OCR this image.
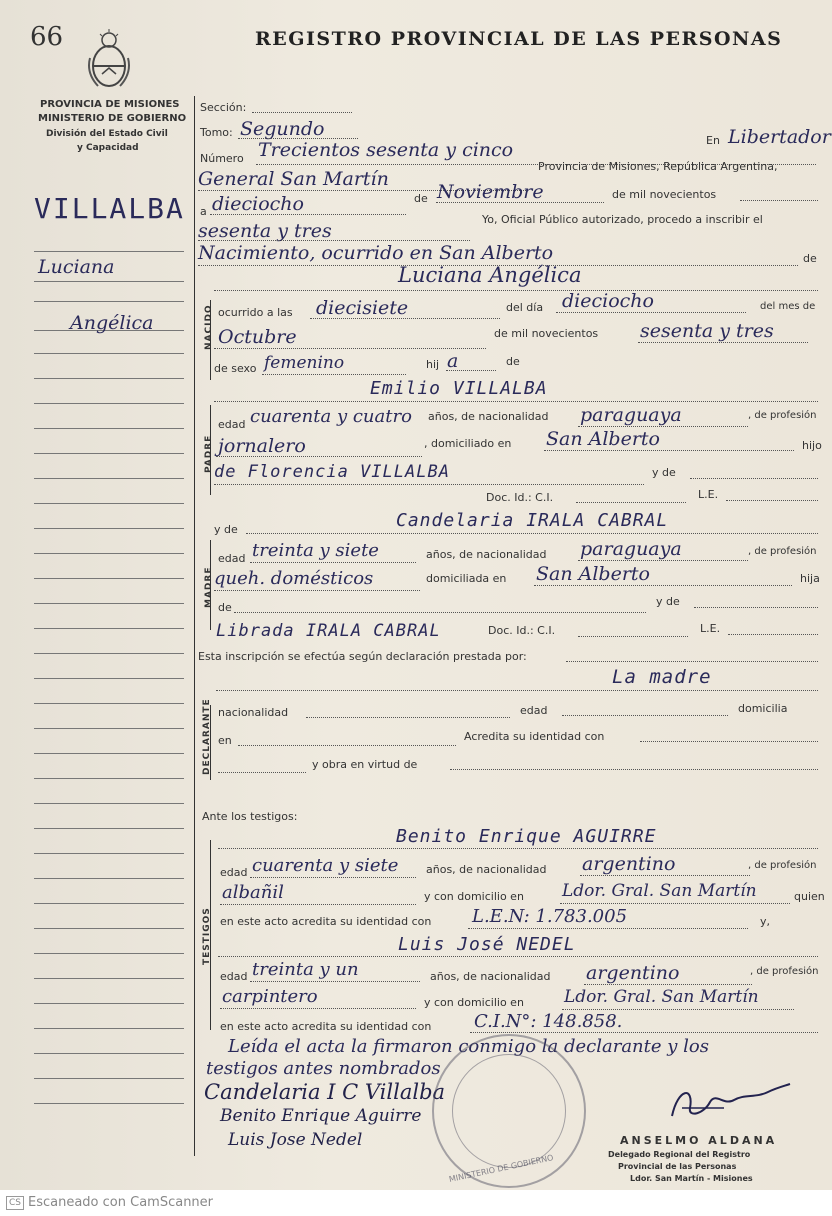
66	REGISTRO PROVINCIAL DE LAS PERSONAS
PROVINCIA DE MISIONES
MINISTERIO DE GOBIERNO
División del Estado Civil
y Capacidad
VILLALBA
Luciana
Angélica	NACIDO
PADRE
MADRE
DECLARANTE
TESTIGOS
Sección:
Tomo: Segundo
En Libertador
Número Trecientos sesenta y cinco
General San Martín
Provincia de Misiones, República Argentina,
a dieciocho	de Noviembre	de mil novecientos
sesenta y tres
Yo, Oficial Público autorizado, procedo a inscribir el
Nacimiento, ocurrido en San Alberto	de
Luciana Angélica
ocurrido a las diecisiete	del día dieciocho	del mes de
Octubre	de mil novecientos sesenta y tres
de sexo femenino	hij a	de
Emilio VILLALBA
edad cuarenta y cuatro años, de nacionalidad paraguaya	, de profesión
jornalero	, domiciliado en San Alberto	hijo
de Florencia VILLALBA	y de
Doc. Id.: C.I.	L.E.
y de	Candelaria IRALA CABRAL
edad treinta y siete	años, de nacionalidad paraguaya	, de profesión
queh. domésticos	domiciliada en San Alberto	hija
de	y de
Librada IRALA CABRAL	Doc. Id.: C.I.	L.E.
Esta inscripción se efectúa según declaración prestada por:
La madre
nacionalidad	edad	domicilia
en	Acredita su identidad con
y obra en virtud de
Ante los testigos:
Benito Enrique AGUIRRE
edad cuarenta y siete	años, de nacionalidad argentino	, de profesión
albañil	y con domicilio en Ldor. Gral. San Martín	quien
en este acto acredita su identidad con L.E.N: 1.783.005	y,
Luis José NEDEL
edad treinta y un	años, de nacionalidad argentino	, de profesión
carpintero	y con domicilio en Ldor. Gral. San Martín
en este acto acredita su identidad con C.I.N°: 148.858.
Leída el acta la firmaron conmigo la declarante y los
testigos antes nombrados
Candelaria I C Villalba
Benito Enrique Aguirre
Luis Jose Nedel
MINISTERIO DE GOBIERNO
ANSELMO ALDANA
Delegado Regional del Registro
Provincial de las Personas
Ldor. San Martín - Misiones
CS Escaneado con CamScanner
